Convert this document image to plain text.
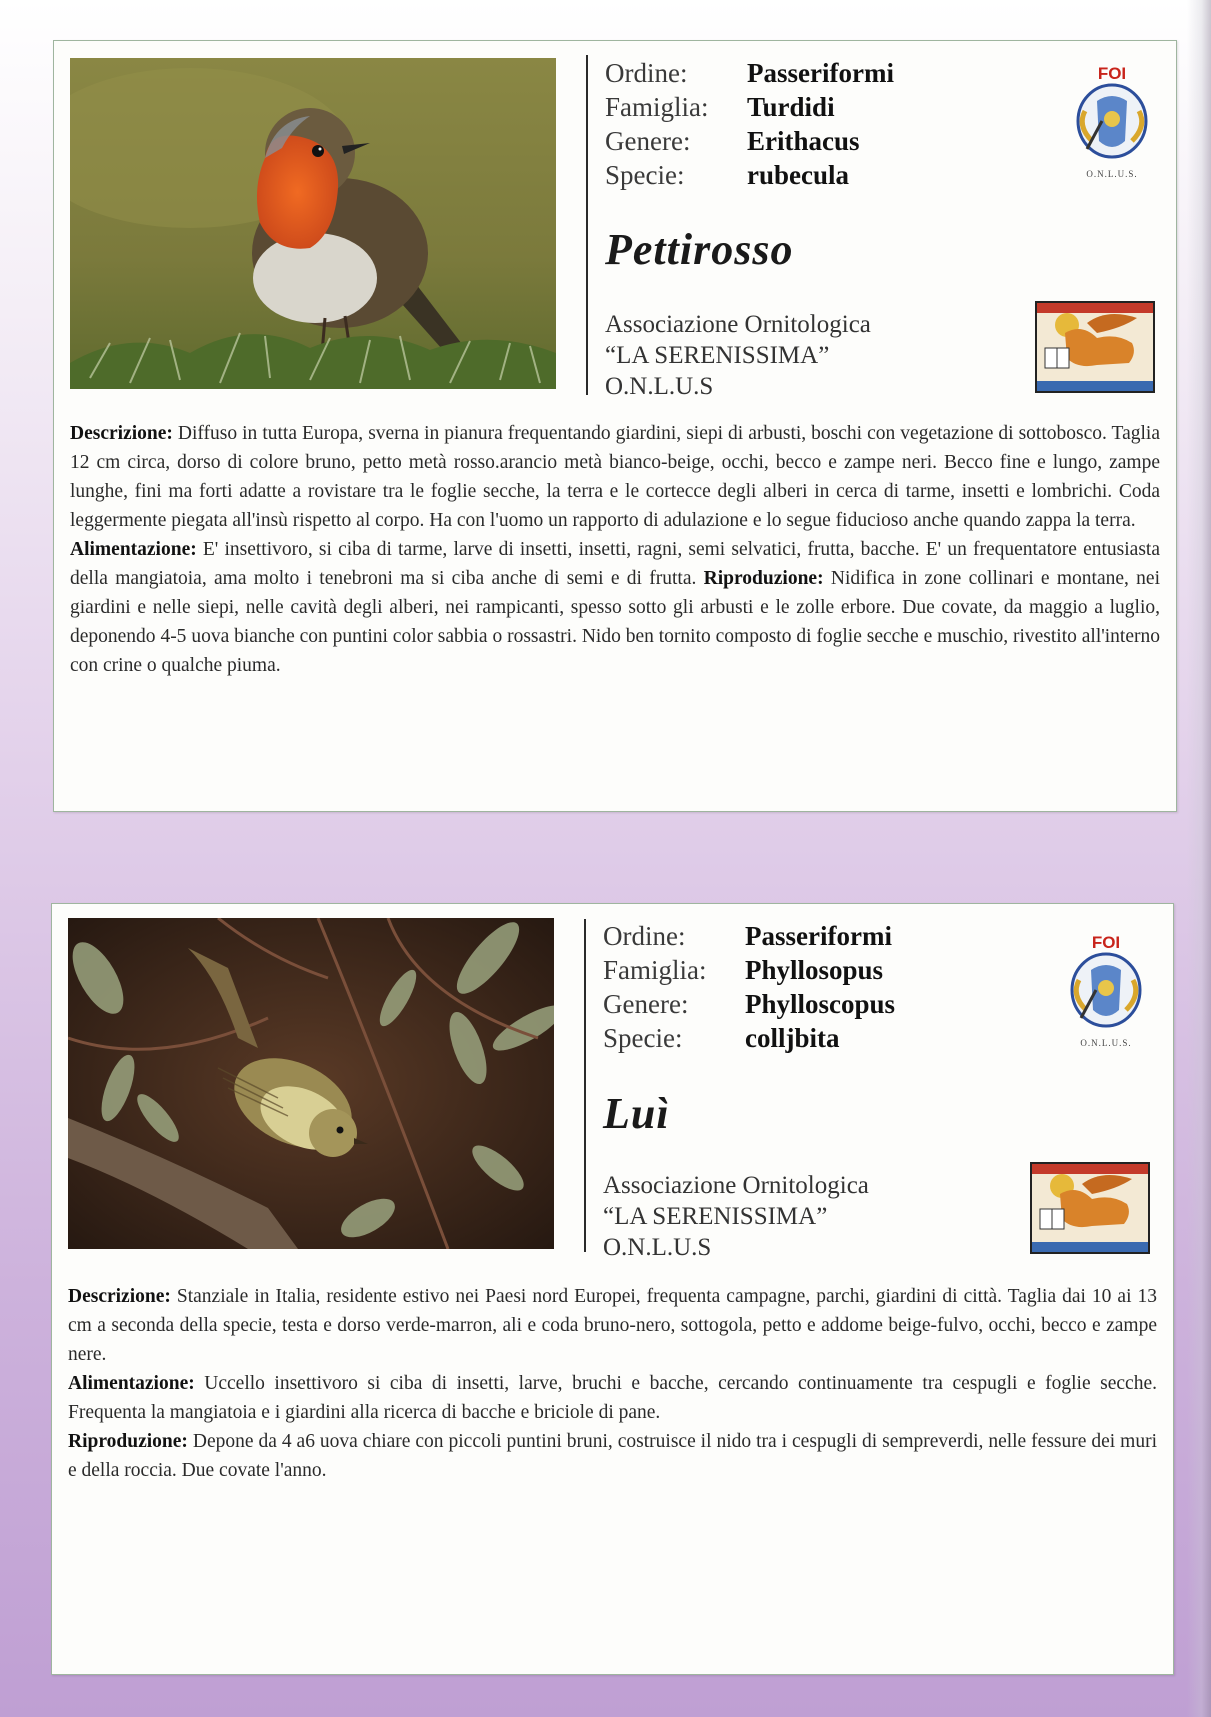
Ordine:	Passeriformi
Famiglia:	Turdidi
Genere:	Erithacus
Specie:	rubecula
FOI
O.N.L.U.S.
Pettirosso
Associazione Ornitologica
“LA SERENISSIMA”
O.N.L.U.S
Descrizione: Diffuso in tutta Europa, sverna in pianura frequentando giardini, siepi di arbusti, boschi con vegetazione di sottobosco. Taglia 12 cm circa, dorso di colore bruno, petto metà rosso.arancio metà bianco-beige, occhi, becco e zampe neri. Becco fine e lungo, zampe lunghe, fini ma forti adatte a rovistare tra le foglie secche, la terra e le cortecce degli alberi in cerca di tarme, insetti e lombrichi. Coda leggermente piegata all'insù rispetto al corpo. Ha con l'uomo un rapporto di adulazione e lo segue fiducioso anche quando zappa la terra.
Alimentazione: E' insettivoro, si ciba di tarme, larve di insetti, insetti, ragni, semi selvatici, frutta, bacche. E' un frequentatore entusiasta della mangiatoia, ama molto i tenebroni ma si ciba anche di semi e di frutta. Riproduzione: Nidifica in zone collinari e montane, nei giardini e nelle siepi, nelle cavità degli alberi, nei rampicanti, spesso sotto gli arbusti e le zolle erbore. Due covate, da maggio a luglio, deponendo 4-5 uova bianche con puntini color sabbia o rossastri. Nido ben tornito composto di foglie secche e muschio, rivestito all'interno con crine o qualche piuma.
Ordine:	Passeriformi
Famiglia:	Phyllosopus
Genere:	Phylloscopus
Specie:	colljbita
FOI
O.N.L.U.S.
Luì
Associazione Ornitologica
“LA SERENISSIMA”
O.N.L.U.S
Descrizione: Stanziale in Italia, residente estivo nei Paesi nord Europei, frequenta campagne, parchi, giardini di città. Taglia dai 10 ai 13 cm a seconda della specie, testa e dorso verde-marron, ali e coda bruno-nero, sottogola, petto e addome beige-fulvo, occhi, becco e zampe nere.
Alimentazione: Uccello insettivoro si ciba di insetti, larve, bruchi e bacche, cercando continuamente tra cespugli e foglie secche. Frequenta la mangiatoia e i giardini alla ricerca di bacche e briciole di pane.
Riproduzione: Depone da 4 a6 uova chiare con piccoli puntini bruni, costruisce il nido tra i cespugli di sempreverdi, nelle fessure dei muri e della roccia. Due covate l'anno.
